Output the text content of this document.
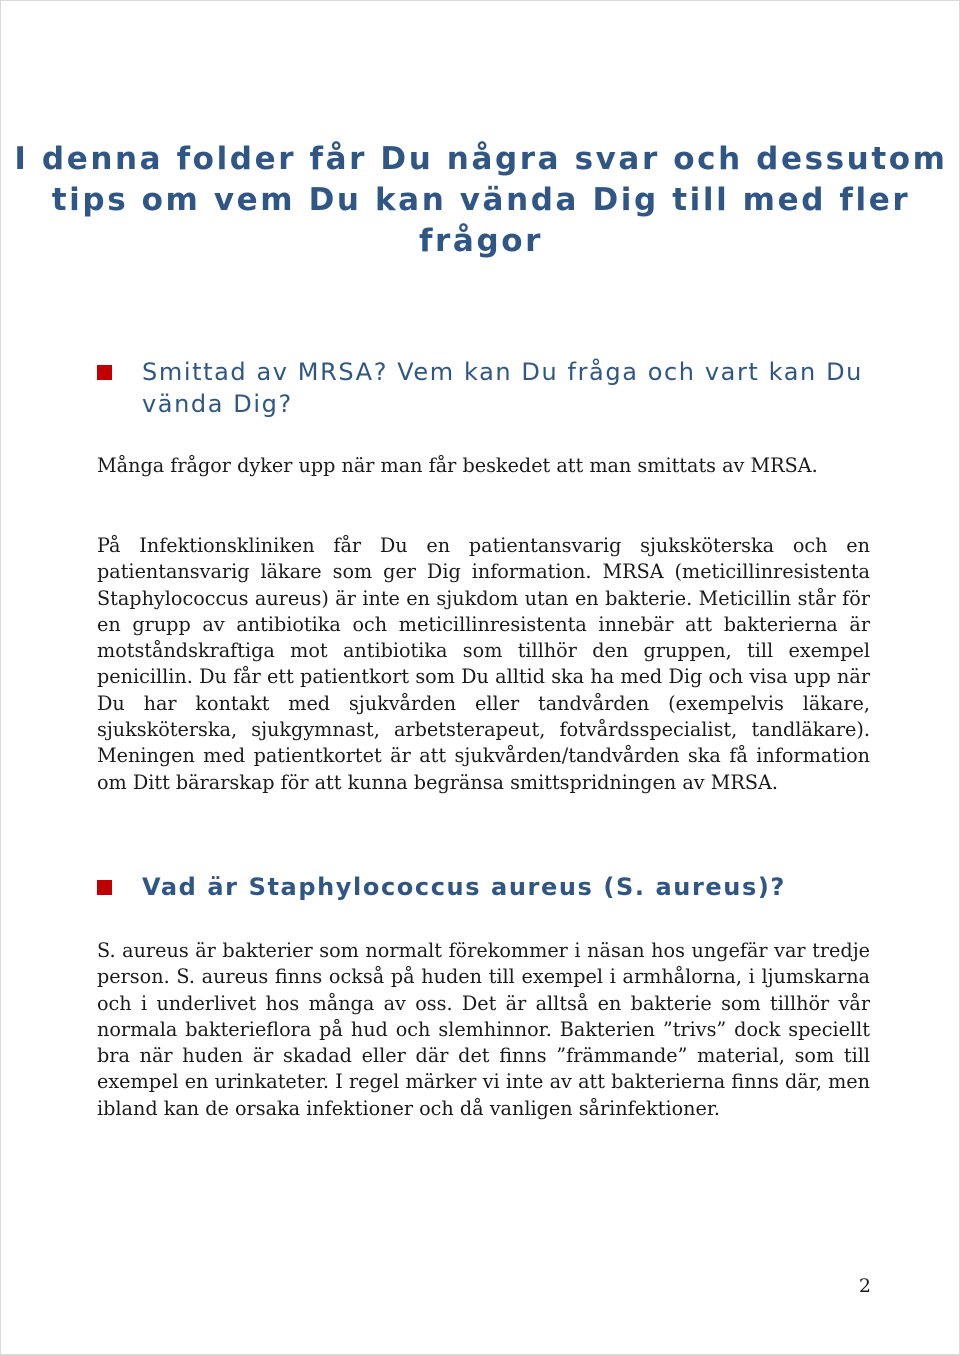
I denna folder får Du några svar och dessutom tips om vem Du kan vända Dig till med fler frågor
Smittad av MRSA? Vem kan Du fråga och vart kan Du vända Dig?

Många frågor dyker upp när man får beskedet att man smittats av MRSA.

På Infektionskliniken får Du en patientansvarig sjuksköterska och en patientansvarig läkare som ger Dig information. MRSA (meticillinresistenta Staphylococcus aureus) är inte en sjukdom utan en bakterie. Meticillin står för en grupp av antibiotika och meticillinresistenta innebär att bakterierna är motståndskraftiga mot antibiotika som tillhör den gruppen, till exempel penicillin. Du får ett patientkort som Du alltid ska ha med Dig och visa upp när Du har kontakt med sjukvården eller tandvården (exempelvis läkare, sjuksköterska, sjukgymnast, arbetsterapeut, fotvårdsspecialist, tandläkare). Meningen med patientkortet är att sjukvården/tandvården ska få information om Ditt bärarskap för att kunna begränsa smittspridningen av MRSA.

Vad är Staphylococcus aureus (S. aureus)?

S. aureus är bakterier som normalt förekommer i näsan hos ungefär var tredje person. S. aureus finns också på huden till exempel i armhålorna, i ljumskarna och i underlivet hos många av oss. Det är alltså en bakterie som tillhör vår normala bakterieflora på hud och slemhinnor. Bakterien ”trivs” dock speciellt bra när huden är skadad eller där det finns ”främmande” material, som till exempel en urinkateter. I regel märker vi inte av att bakterierna finns där, men ibland kan de orsaka infektioner och då vanligen sårinfektioner.

2
